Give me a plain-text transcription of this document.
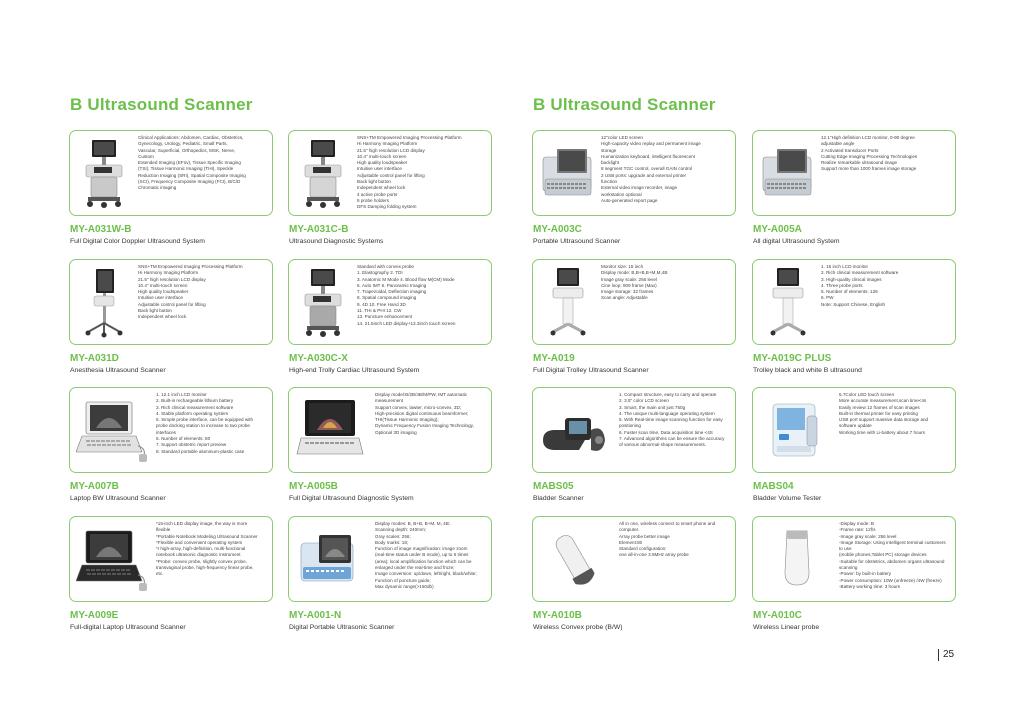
B Ultrasound Scanner	B Ultrasound Scanner
Clinical Applications: Abdomen, Cardiac, Obstetrics,
Gynecology, Urology, Pediatric, Small Parts,
Vascular, Superficial, Orthopedics, MSK, Nerve,
Custom
Extended Imaging (EFov), Tissue Specific Imaging
(TSI), Tissue Harmonic Imaging (THI), Speckle
Reduction Imaging (SRI), Spatial Composite Imaging
(SCI), Frequency Composite Imaging (FCI), B/C/D
Chromatic imaging
MY-A031W-B
Full Digital Color Doppler Ultrasound System
SNS+TM Empowered Imaging Processing Platform
Hi Harmony Imaging Platform
21.5" high resolution LCD display
10.4" multi-touch screen
High quality loudspeaker
Intuitive user interface
Adjustable control panel for lifting
Back light button
Independent wheel lock
4 active probe ports
5 probe holders
DFS Damping folding system
MY-A031C-B
Ultrasound Diagnostic Systems
12"color LED screen
High-capacity video replay and permanent image
storage
Humanization keyboard, intelligent fluorescent
backlight
8 segment TGC control, overall GAIN control
2 USB ports: upgrade and external printer
function
External video image recorder, image
workstation optional
Auto-generated report page
MY-A003C
Portable Ultrasound Scanner
12.1"High definition LCD monitor, 0-90 degree
adjustable angle
2 Activated transducer Ports
Cutting Edge Imaging Processing Technologies
Realize remarkable ultrasound image
Support more than 1000 frames image storage
MY-A005A
All digital Ultrasound System
SNS+TM Empowered Imaging Processing Platform
Hi Harmony Imaging Platform
21.5" high resolution LCD display
10.4" multi-touch screen
High quality loudspeaker
Intuitive user interface
Adjustable control panel for lifting
Back light button
Independent wheel lock
MY-A031D
Anesthesia Ultrasound Scanner
Standard with convex probe
1. Elastography 2. TDI
3. Anatomic M Mode 4. Blood flow M(CM) Mode
5. Auto IMT 6. Panoramic Imaging
7. Trapezoidal, Deflection imaging
8. Spatial compound imaging
9. 4D 10. Free Hand 3D
11. THI & PHI 12. CW
13. Puncture enhancement
14. 21.5inch LED display+13.3inch touch screen
MY-A030C-X
High-end Trolly Cardiac Ultrasound System
Monitor size: 15 inch
Display mode: B,B+B,B+M,M,4B
Image gray scale: 256 level
Cine loop: 809 frame (Max)
Image storage: 32 frames
Scan angle: Adjustable
MY-A019
Full Digital Trolley Ultrasound Scanner
1. 15 inch LCD monitor
2. Rich clinical measurement software
3. High-quality clinical images
4. Three probe ports
5. Number of elements: 128
6. PW
Note: Support Chinese, English
MY-A019C PLUS
Trolley black and white B ultrasound
1. 12.1 inch LCD monitor
2. Built-in rechargeable lithium battery
3. Rich clinical measurement software
4. Stable platform operating system
5. Simple probe interface, can be equipped with
probe docking station to increase to two probe
interfaces
6. Number of elements: 80
7. Support obstetric report preview
8. Standard portable aluminum-plastic case
MY-A007B
Laptop BW Ultrasound Scanner
Display model:B/2B/4B/M/PW, IMT automatic
measurement
Support convex, lawter, micro-convex, 3D;
High-precision digital continuous beamformer;
THI(Tissue Harmonic Imaging);
Dynamic Frequency Fusion Imaging Technology,
Optional 3D imaging
MY-A005B
Full Digital Ultrasound Diagnostic System
1. Compact structure, easy to carry and operate
2. 3.5" color LCD screen
3. Smart, the main unit just 750g
4. The unique multi-language operating system
5. With Real-time image scanning function for easy
positioning
6. Faster scan time, Data acquisition time <4S
7. Advanced algorithms can be ensure the accuracy
of various abnormal shape measurements.
MABS05
Bladder Scanner
5.7Color LED touch screen
More accurate measurement,scan time<4s
Easily review 12 frames of scan images
Built-in thermal printer for easy printing
USB port support massive data storage and
software update
Working time with Li-battery about 7 hours
MABS04
Bladder Volume Tester
*15-inch LED display image, the way is more
flexible
*Portable Notebook Modeling Ultrasound Scanner
*Flexible and convenient operating system
*I high-array, high-definition, multi-functional
notebook ultrasonic diagnostic instrument
*Probe: convex probe, slightly convex probe,
transvaginal probe, high-frequency linear probe,
etc.
MY-A009E
Full-digital Laptop Ultrasound Scanner
Display modes: B, B+B, B+M, M, 4B;
Scanning depth: 240mm;
Gray scales: 256;
Body marks: 18;
Function of image magnification: image zoom
(real-time status under B mode), up to 6 times
(area); local amplification function which can be
enlarged under the real-time and froze;
Image conversion: up/down, left/right, black/white;
Function of puncture guide;
Max dynamic range(>150db)
MY-A001-N
Digital Portable Ultrasonic Scanner
All in one, wireless connect to smart phone and
computer.
Array probe better image
Element:80
Standard configuration:
one all-in-one 3.5MHz array probe
MY-A010B
Wireless Convex probe (B/W)
-Display mode: B
-Frame rate: 12f/s
-Image gray scale: 256 level
-Image Storage: Using intelligent terminal customers to use
(mobile phones,Tablet PC) storage devices
-Suitable for obstetrics, abdomen organs ultrasound
scanning
-Power: by built-in battery
-Power consumption: 10W (unfreeze) /4W (freeze)
-Battery working time: 3 hours
MY-A010C
Wireless Linear probe
25
